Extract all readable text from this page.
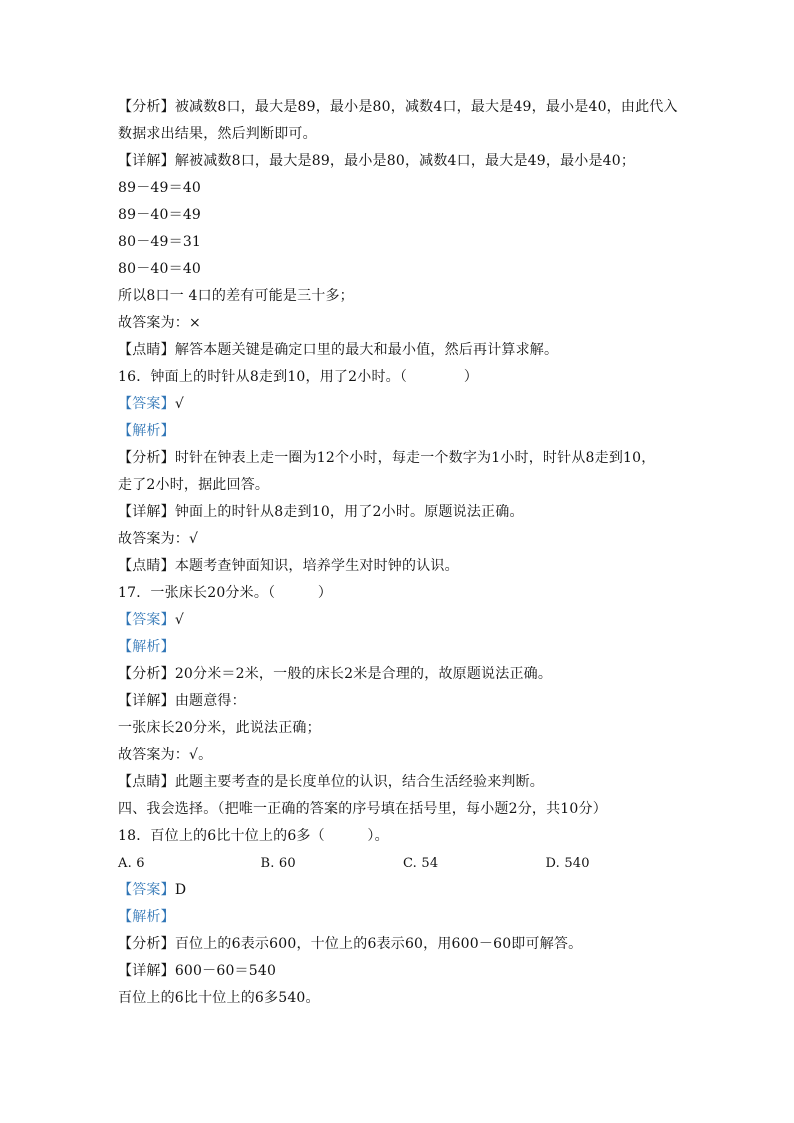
【分析】被减数8口，最大是89，最小是80，减数4口，最大是49，最小是40，由此代入
数据求出结果，然后判断即可。
【详解】解被减数8口，最大是89，最小是80，减数4口，最大是49，最小是40；
89－49＝40
89－40＝49
80－49＝31
80－40＝40
所以8口一 4口的差有可能是三十多；
故答案为：×
【点睛】解答本题关键是确定口里的最大和最小值，然后再计算求解。
16．钟面上的时针从8走到10，用了2小时。（　　　　）
【答案】√
【解析】
【分析】时针在钟表上走一圈为12个小时，每走一个数字为1小时，时针从8走到10，
走了2小时，据此回答。
【详解】钟面上的时针从8走到10，用了2小时。原题说法正确。
故答案为：√
【点睛】本题考查钟面知识，培养学生对时钟的认识。
17．一张床长20分米。（　　　）
【答案】√
【解析】
【分析】20分米＝2米，一般的床长2米是合理的，故原题说法正确。
【详解】由题意得：
一张床长20分米，此说法正确；
故答案为：√。
【点睛】此题主要考查的是长度单位的认识，结合生活经验来判断。
四、我会选择。（把唯一正确的答案的序号填在括号里，每小题2分，共10分）
18．百位上的6比十位上的6多（　　　）。
A. 6	B. 60	C. 54	D. 540
【答案】D
【解析】
【分析】百位上的6表示600，十位上的6表示60，用600－60即可解答。
【详解】600－60＝540
百位上的6比十位上的6多540。
